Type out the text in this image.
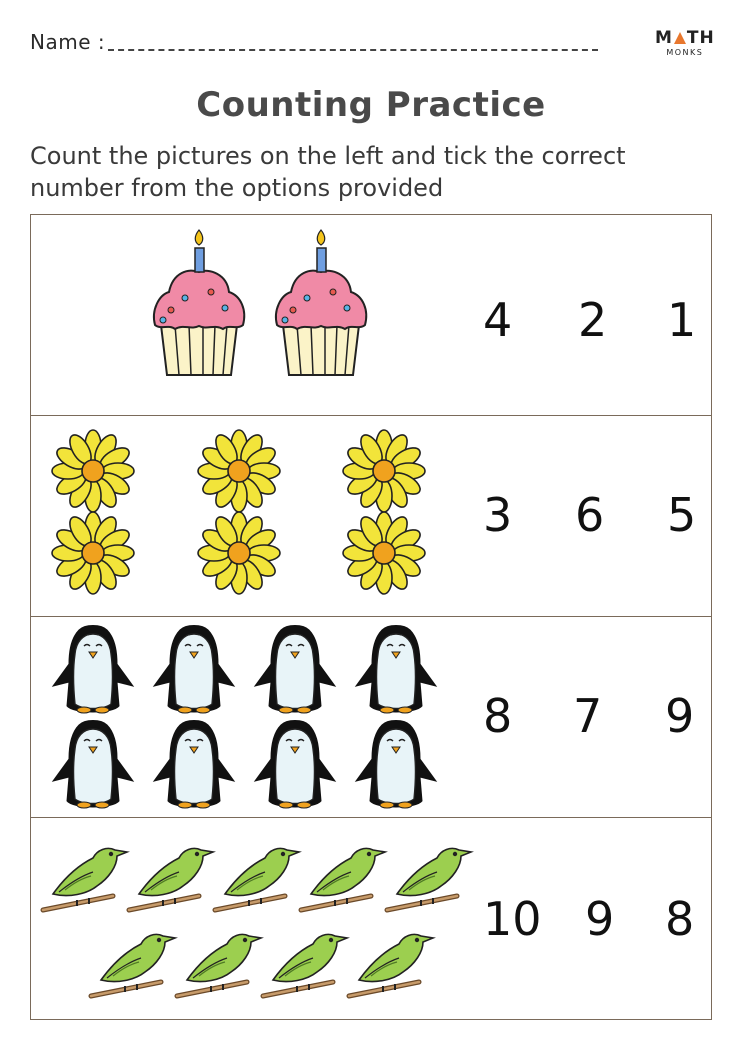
Name :	M TH
MONKS
Counting Practice
Count the pictures on the left and tick the correct number from the options provided
4 2 1
3 6 5
8 7 9
10 9 8
